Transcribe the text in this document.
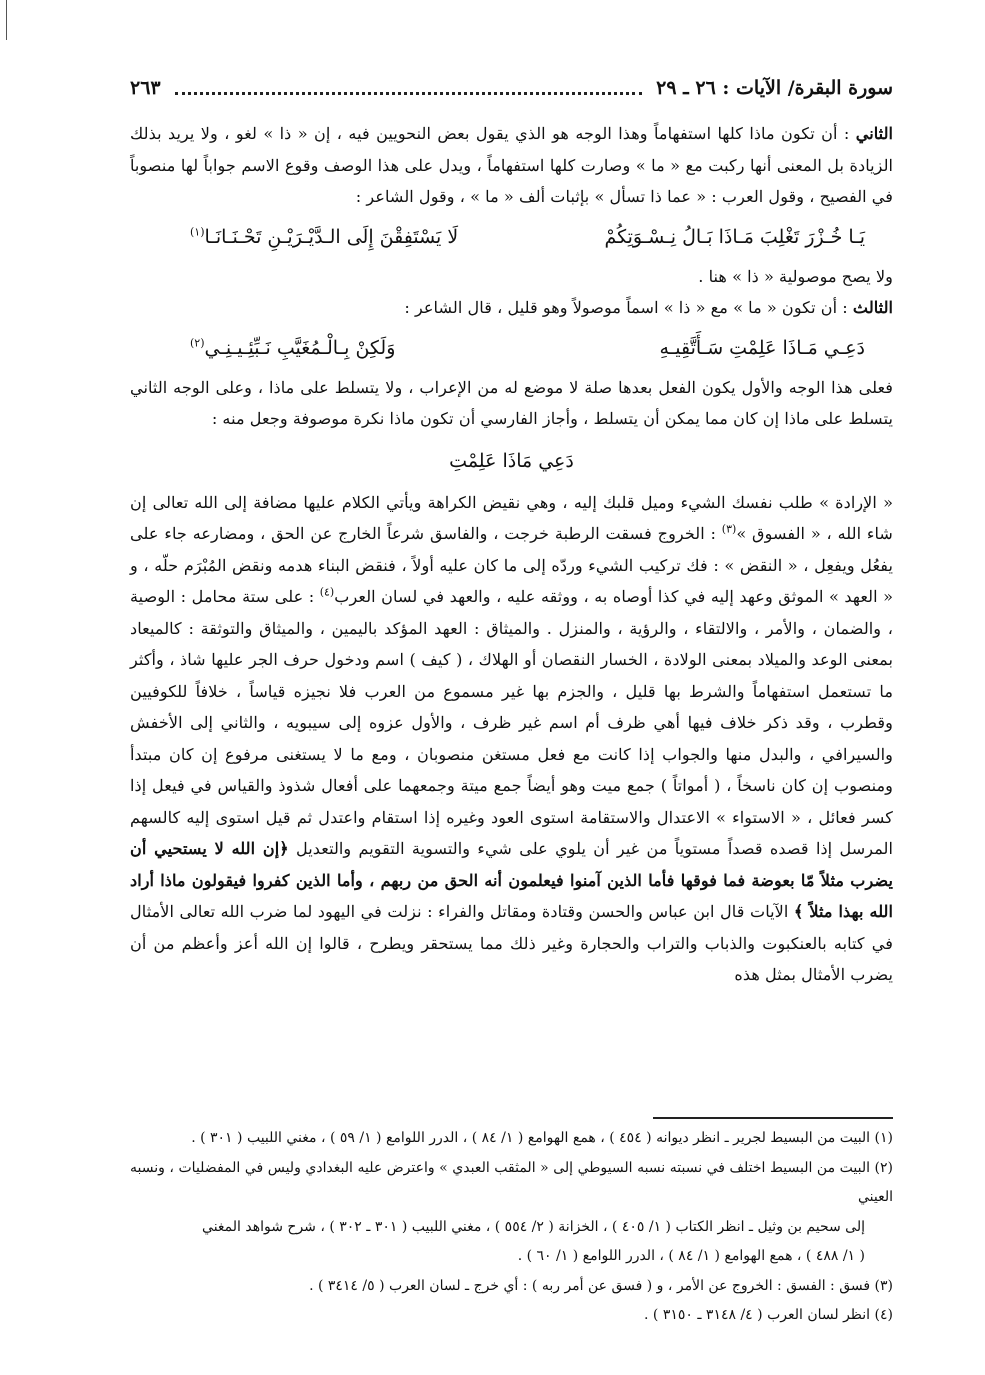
سورة البقرة/ الآيات : ٢٦ ـ ٢٩
٢٦٣

الثاني : أن تكون ماذا كلها استفهاماً وهذا الوجه هو الذي يقول بعض النحويين فيه ، إن « ذا » لغو ، ولا يريد بذلك الزيادة بل المعنى أنها ركبت مع « ما » وصارت كلها استفهاماً ، ويدل على هذا الوصف وقوع الاسم جواباً لها منصوباً في الفصيح ، وقول العرب : « عما ذا تسأل » بإثبات ألف « ما » ، وقول الشاعر :

يَـا خُـزْرَ تَغْلِبَ مَـاذَا بَـالُ نِـسْـوَتِكُمْ
لَا يَسْتَفِقْنَ إِلَى الـدَّيْـرَيْـنِ تَحْـنَـانَـا$^{(١)}$

ولا يصح موصولية « ذا » هنا .

الثالث : أن تكون « ما » مع « ذا » اسماً موصولاً وهو قليل ، قال الشاعر :

دَعِـي مَـاذَا عَلِمْتِ سَـأَتَّقِيـهِ
وَلَكِنْ بِـالْـمُغَيَّبِ نَـبِّئِـيـنِـي$^{(٢)}$

فعلى هذا الوجه والأول يكون الفعل بعدها صلة لا موضع له من الإعراب ، ولا يتسلط على ماذا ، وعلى الوجه الثاني يتسلط على ماذا إن كان مما يمكن أن يتسلط ، وأجاز الفارسي أن تكون ماذا نكرة موصوفة وجعل منه :

دَعِي مَاذَا عَلِمْتِ

« الإرادة » طلب نفسك الشيء وميل قلبك إليه ، وهي نقيض الكراهة ويأتي الكلام عليها مضافة إلى الله تعالى إن شاء الله ، « الفسوق »$^{(٣)}$ : الخروج فسقت الرطبة خرجت ، والفاسق شرعاً الخارج عن الحق ، ومضارعه جاء على يفعُل ويفعِل ، « النقض » : فك تركيب الشيء وردّه إلى ما كان عليه أولاً ، فنقض البناء هدمه ونقض المُبْرَم حلّه ، و « العهد » الموثق وعهد إليه في كذا أوصاه به ، ووثقه عليه ، والعهد في لسان العرب$^{(٤)}$ : على ستة محامل : الوصية ، والضمان ، والأمر ، والالتقاء ، والرؤية ، والمنزل . والميثاق : العهد المؤكد باليمين ، والميثاق والتوثقة : كالميعاد بمعنى الوعد والميلاد بمعنى الولادة ، الخسار النقصان أو الهلاك ، ( كيف ) اسم ودخول حرف الجر عليها شاذ ، وأكثر ما تستعمل استفهاماً والشرط بها قليل ، والجزم بها غير مسموع من العرب فلا نجيزه قياساً ، خلافاً للكوفيين وقطرب ، وقد ذكر خلاف فيها أهي ظرف أم اسم غير ظرف ، والأول عزوه إلى سيبويه ، والثاني إلى الأخفش والسيرافي ، والبدل منها والجواب إذا كانت مع فعل مستغن منصوبان ، ومع ما لا يستغنى مرفوع إن كان مبتدأ ومنصوب إن كان ناسخاً ، ( أمواتاً ) جمع ميت وهو أيضاً جمع ميتة وجمعهما على أفعال شذوذ والقياس في فيعل إذا كسر فعائل ، « الاستواء » الاعتدال والاستقامة استوى العود وغيره إذا استقام واعتدل ثم قيل استوى إليه كالسهم المرسل إذا قصده قصداً مستوياً من غير أن يلوي على شيء والتسوية التقويم والتعديل ﴿إن الله لا يستحيي أن يضرب مثلاً مّا بعوضة فما فوقها فأما الذين آمنوا فيعلمون أنه الحق من ربهم ، وأما الذين كفروا فيقولون ماذا أراد الله بهذا مثلاً ﴾ الآيات قال ابن عباس والحسن وقتادة ومقاتل والفراء : نزلت في اليهود لما ضرب الله تعالى الأمثال في كتابه بالعنكبوت والذباب والتراب والحجارة وغير ذلك مما يستحقر ويطرح ، قالوا إن الله أعز وأعظم من أن يضرب الأمثال بمثل هذه

(١) البيت من البسيط لجرير ـ انظر ديوانه ( ٤٥٤ ) ، همع الهوامع ( ١/ ٨٤ ) ، الدرر اللوامع ( ١/ ٥٩ ) ، مغني اللبيب ( ٣٠١ ) .

(٢) البيت من البسيط اختلف في نسبته نسبه السيوطي إلى « المثقب العبدي » واعترض عليه البغدادي وليس في المفضليات ، ونسبه العيني

إلى سحيم بن وثيل ـ انظر الكتاب ( ١/ ٤٠٥ ) ، الخزانة ( ٢/ ٥٥٤ ) ، مغني اللبيب ( ٣٠١ ـ ٣٠٢ ) ، شرح شواهد المغني

( ١/ ٤٨٨ ) ، همع الهوامع ( ١/ ٨٤ ) ، الدرر اللوامع ( ١/ ٦٠ ) .

(٣) فسق : الفسق : الخروج عن الأمر ، و ( فسق عن أمر ربه ) : أي خرج ـ لسان العرب ( ٥/ ٣٤١٤ ) .

(٤) انظر لسان العرب ( ٤/ ٣١٤٨ ـ ٣١٥٠ ) .
